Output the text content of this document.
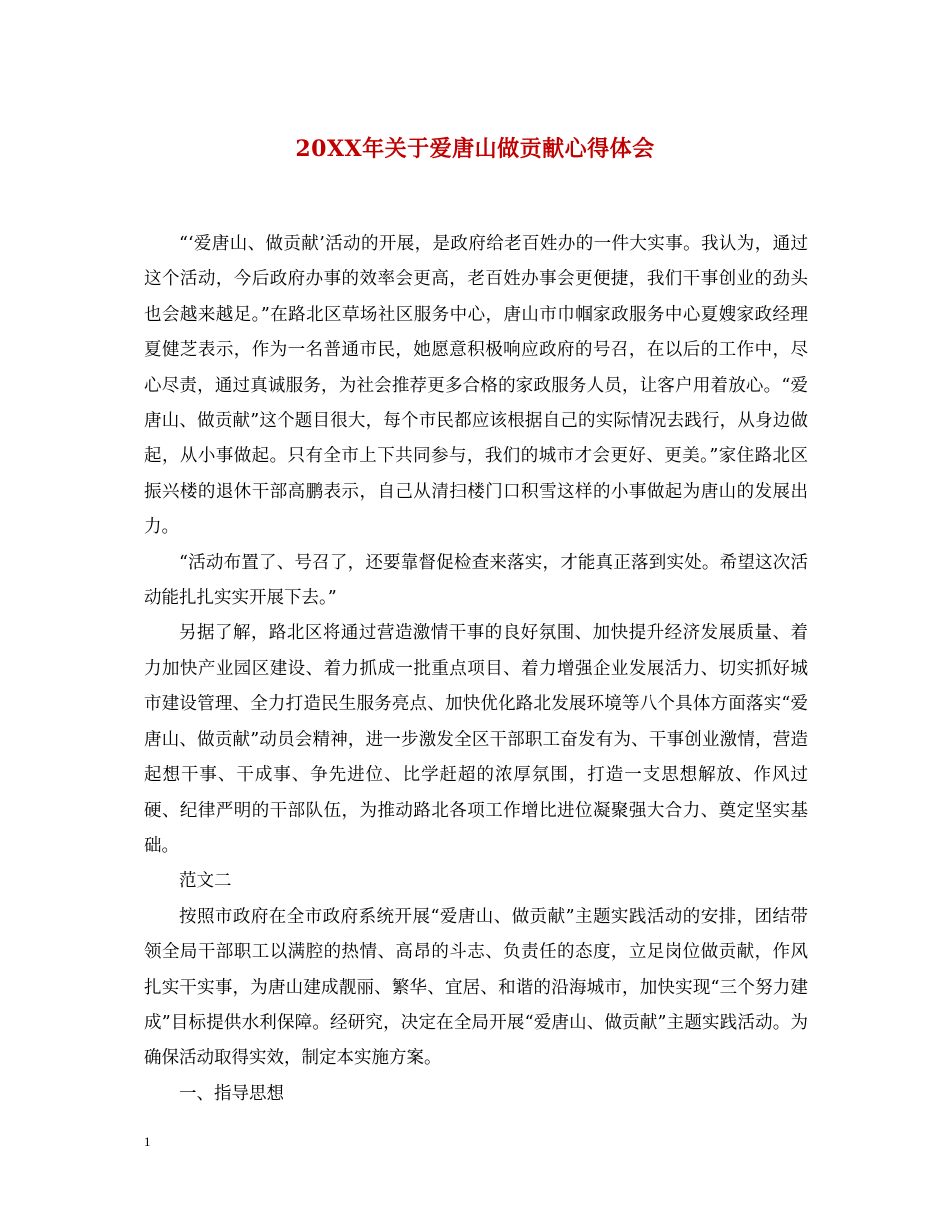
20XX年关于爱唐山做贡献心得体会

“‘爱唐山、做贡献’活动的开展，是政府给老百姓办的一件大实事。我认为，通过这个活动，今后政府办事的效率会更高，老百姓办事会更便捷，我们干事创业的劲头也会越来越足。”在路北区草场社区服务中心，唐山市巾帼家政服务中心夏嫂家政经理夏健芝表示，作为一名普通市民，她愿意积极响应政府的号召，在以后的工作中，尽心尽责，通过真诚服务，为社会推荐更多合格的家政服务人员，让客户用着放心。“爱唐山、做贡献”这个题目很大，每个市民都应该根据自己的实际情况去践行，从身边做起，从小事做起。只有全市上下共同参与，我们的城市才会更好、更美。”家住路北区振兴楼的退休干部高鹏表示，自己从清扫楼门口积雪这样的小事做起为唐山的发展出力。

“活动布置了、号召了，还要靠督促检查来落实，才能真正落到实处。希望这次活动能扎扎实实开展下去。”

另据了解，路北区将通过营造激情干事的良好氛围、加快提升经济发展质量、着力加快产业园区建设、着力抓成一批重点项目、着力增强企业发展活力、切实抓好城市建设管理、全力打造民生服务亮点、加快优化路北发展环境等八个具体方面落实“爱唐山、做贡献”动员会精神，进一步激发全区干部职工奋发有为、干事创业激情，营造起想干事、干成事、争先进位、比学赶超的浓厚氛围，打造一支思想解放、作风过硬、纪律严明的干部队伍，为推动路北各项工作增比进位凝聚强大合力、奠定坚实基础。

范文二

按照市政府在全市政府系统开展“爱唐山、做贡献”主题实践活动的安排，团结带领全局干部职工以满腔的热情、高昂的斗志、负责任的态度，立足岗位做贡献，作风扎实干实事，为唐山建成靓丽、繁华、宜居、和谐的沿海城市，加快实现“三个努力建成”目标提供水利保障。经研究，决定在全局开展“爱唐山、做贡献”主题实践活动。为确保活动取得实效，制定本实施方案。

一、指导思想

1
